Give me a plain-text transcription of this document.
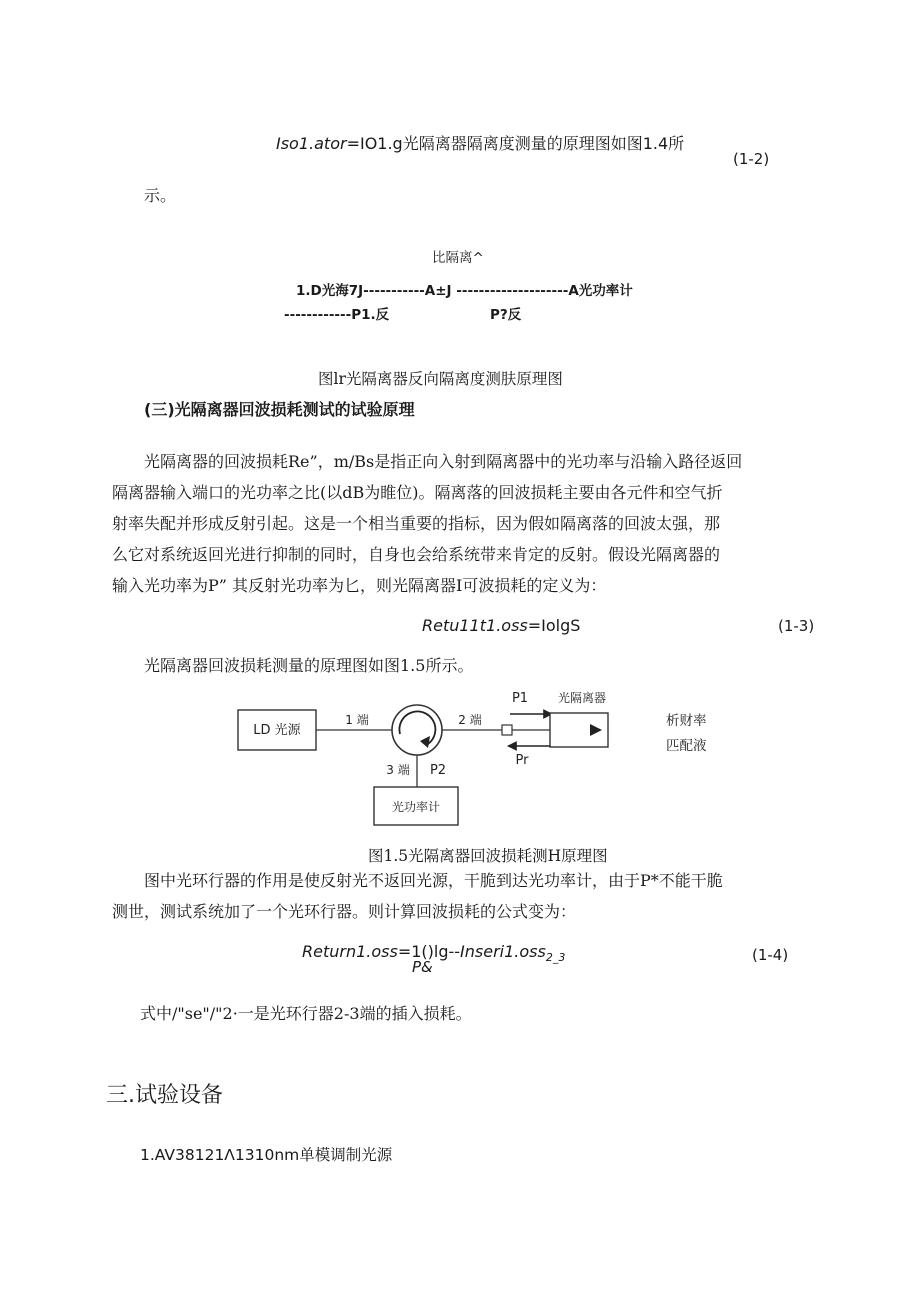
Iso1.ator=IO1.g光隔离器隔离度测量的原理图如图1.4所
(1-2)
示。
比隔离^
1.D光海7J-----------A±J --------------------A光功率计
------------P1.反	P?反
图lr光隔离器反向隔离度测肤原理图
(三)光隔离器回波损耗测试的试验原理

光隔离器的回波损耗Re”，m/Bs是指正向入射到隔离器中的光功率与沿输入路径返回

隔离器输入端口的光功率之比(以dB为睢位)。隔离落的回波损耗主要由各元件和空气折

射率失配并形成反射引起。这是一个相当重要的指标，因为假如隔离落的回波太强，那

么它对系统返回光进行抑制的同时，自身也会给系统带来肯定的反射。假设光隔离器的

输入光功率为P” 其反射光功率为匕，则光隔离器I可波损耗的定义为：

Retu11t1.oss=IolgS	(1-3)
光隔离器回波损耗测量的原理图如图1.5所示。
LD 光源
1 端	2 端
P1 光隔离器
Pr
3 端 P2
光功率计
析财率
匹配液
图1.5光隔离器回波损耗测H原理图

图中光环行器的作用是使反射光不返回光源，干脆到达光功率计，由于P*不能干脆

测世，测试系统加了一个光环行器。则计算回波损耗的公式变为：

Return1.oss=1()lg--Inseri1.oss$_{2\_3}$
P&
(1-4)
式中/"se"/"2·一是光环行器2-3端的插入损耗。
三.试验设备
1.AV38121Λ1310nm单模调制光源
